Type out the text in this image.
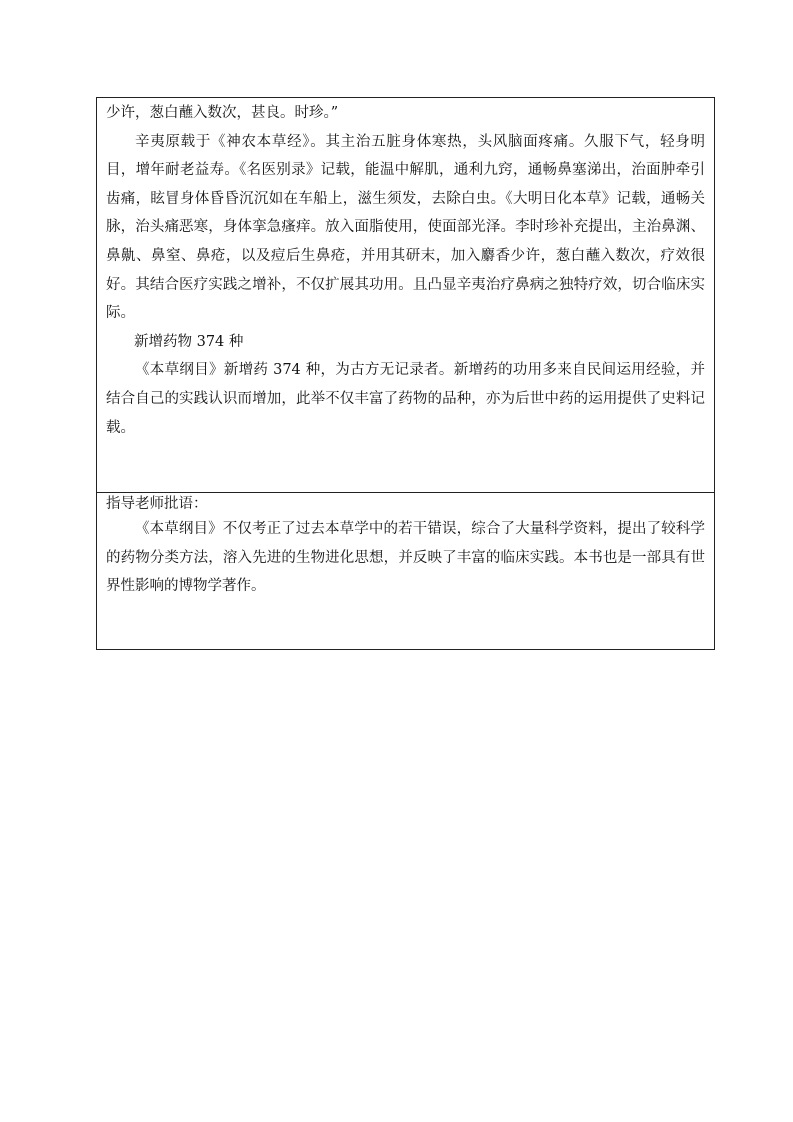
少许，葱白蘸入数次，甚良。时珍。”

辛夷原载于《神农本草经》。其主治五脏身体寒热，头风脑面疼痛。久服下气，轻身明目，增年耐老益寿。《名医别录》记载，能温中解肌，通利九窍，通畅鼻塞涕出，治面肿牵引齿痛，眩冒身体昏昏沉沉如在车船上，滋生须发，去除白虫。《大明日化本草》记载，通畅关脉，治头痛恶寒，身体挛急瘙痒。放入面脂使用，使面部光泽。李时珍补充提出，主治鼻渊、鼻鼽、鼻窒、鼻疮，以及痘后生鼻疮，并用其研末，加入麝香少许，葱白蘸入数次，疗效很好。其结合医疗实践之增补，不仅扩展其功用。且凸显辛夷治疗鼻病之独特疗效，切合临床实际。

新增药物 374 种

《本草纲目》新增药 374 种，为古方无记录者。新增药的功用多来自民间运用经验，并结合自己的实践认识而增加，此举不仅丰富了药物的品种，亦为后世中药的运用提供了史料记载。

指导老师批语：

《本草纲目》不仅考正了过去本草学中的若干错误，综合了大量科学资料，提出了较科学的药物分类方法，溶入先进的生物进化思想，并反映了丰富的临床实践。本书也是一部具有世界性影响的博物学著作。
